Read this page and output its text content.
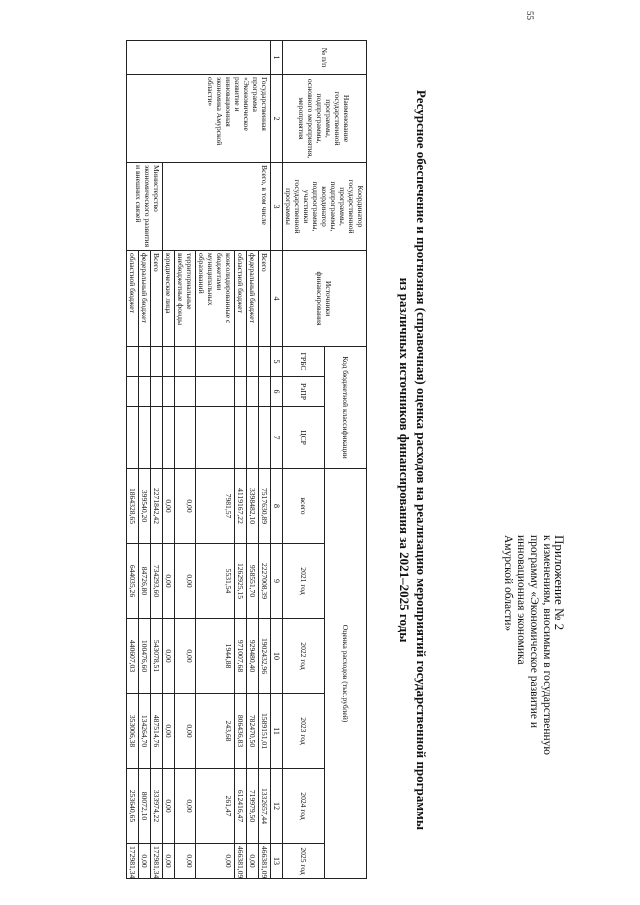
55
Приложение № 2
к изменениям, вносимым в государственную
программу «Экономическое развитие и
инновационная экономика
Амурской области»
Ресурсное обеспечение и прогнозная (справочная) оценка расходов на реализацию мероприятий государственной программы
из различных источников финансирования за 2021–2025 годы
№ п/п	Наименование государственной программы, подпрограммы, основного мероприятия, мероприятия	Координатор государственной программы, подпрограммы, координатор подпрограммы, участники государственной программы	Источники финансирования	Код бюджетной классификации			Оценка расходов (тыс.рублей)					
				ГРБС	РзПР	ЦСР	всего	2021 год	2022 год	2023 год	2024 год	2025 год
1	2	3	4	5	6	7	8	9	10	11	12	13
	Государственная программа «Экономическое развитие и инновационная экономика Амурской области»	Всего, в том числе	Всего				7517630,89	2227008,39	1902432,96	1589151,01	1332657,44	466381,09
			федеральный бюджет				3398482,10	958551,70	929480,40	782470,50	719979,50	0,00
			областной бюджет				4119167,22	1262925,15	971007,68	806436,83	612416,47	466381,09
			консолидированные с бюджетами муниципальных образований				7981,57	5531,54	1944,88	243,68	261,47	0,00
			территориальные внебюджетные фонды				0,00	0,00	0,00	0,00	0,00	0,00
			юридические лица				0,00	0,00	0,00	0,00	0,00	0,00
		Министерство экономического развития и внешних связей	Всего				2271842,42	734293,60	543078,51	487514,76	333974,22	172981,34
			федеральный бюджет				399540,20	84726,80	100476,60	134264,70	80072,10	0,00
			областной бюджет				1864328,65	644035,26	440607,03	353006,38	253640,65	172981,34
